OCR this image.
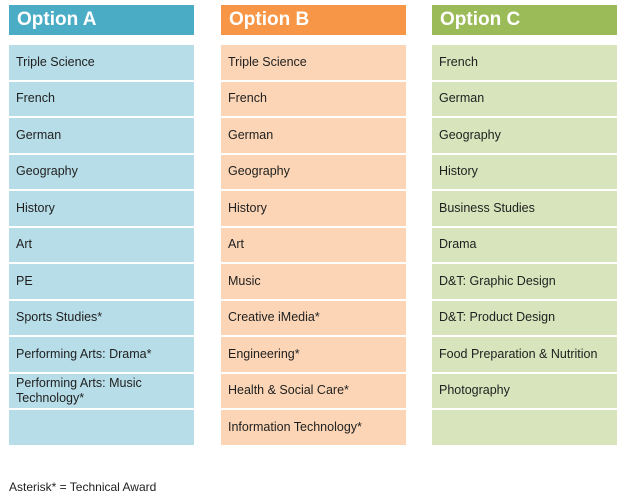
Option A
Triple Science
French
German
Geography
History
Art
PE
Sports Studies*
Performing Arts: Drama*
Performing Arts: Music Technology*
Option B
Triple Science
French
German
Geography
History
Art
Music
Creative iMedia*
Engineering*
Health & Social Care*
Information Technology*
Option C
French
German
Geography
History
Business Studies
Drama
D&T: Graphic Design
D&T: Product Design
Food Preparation & Nutrition
Photography
Asterisk* = Technical Award
